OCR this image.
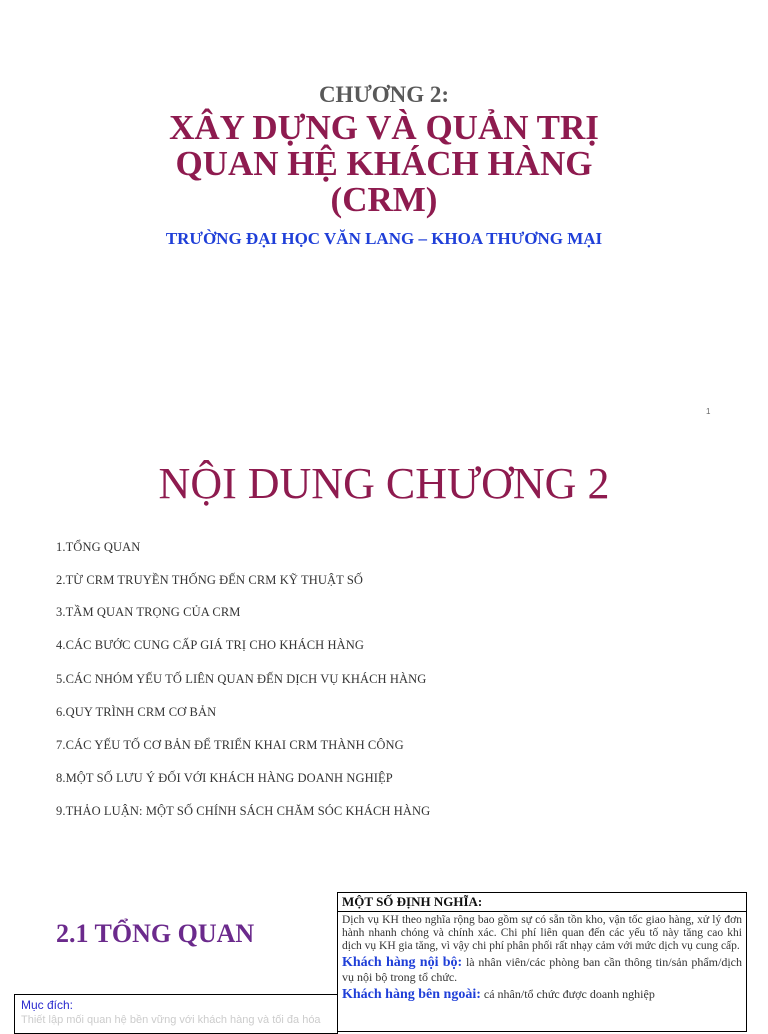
CHƯƠNG 2:
XÂY DỰNG VÀ QUẢN TRỊ
QUAN HỆ KHÁCH HÀNG
(CRM)
TRƯỜNG ĐẠI HỌC VĂN LANG – KHOA THƯƠNG MẠI
1
NỘI DUNG CHƯƠNG 2
1.TỔNG QUAN
2.TỪ CRM TRUYỀN THỐNG ĐẾN CRM KỸ THUẬT SỐ
3.TẦM QUAN TRỌNG CỦA CRM
4.CÁC BƯỚC CUNG CẤP GIÁ TRỊ CHO KHÁCH HÀNG
5.CÁC NHÓM YẾU TỐ LIÊN QUAN ĐẾN DỊCH VỤ KHÁCH HÀNG
6.QUY TRÌNH CRM CƠ BẢN
7.CÁC YẾU TỐ CƠ BẢN ĐỂ TRIỂN KHAI CRM THÀNH CÔNG
8.MỘT SỐ LƯU Ý ĐỐI VỚI KHÁCH HÀNG DOANH NGHIỆP
9.THẢO LUẬN: MỘT SỐ CHÍNH SÁCH CHĂM SÓC KHÁCH HÀNG
2.1 TỔNG QUAN
MỘT SỐ ĐỊNH NGHĨA:
Dịch vụ KH theo nghĩa rộng bao gồm sự có sẵn tồn kho, vận tốc giao hàng, xử lý đơn hành nhanh chóng và chính xác. Chi phí liên quan đến các yếu tố này tăng cao khi dịch vụ KH gia tăng, vì vậy chi phí phân phối rất nhạy cảm với mức dịch vụ cung cấp.
Khách hàng nội bộ: là nhân viên/các phòng ban cần thông tin/sản phẩm/dịch vụ nội bộ trong tổ chức.
Khách hàng bên ngoài: cá nhân/tổ chức được doanh nghiệp
Mục đích:
Thiết lập mối quan hệ bền vững với khách hàng và tối đa hóa
